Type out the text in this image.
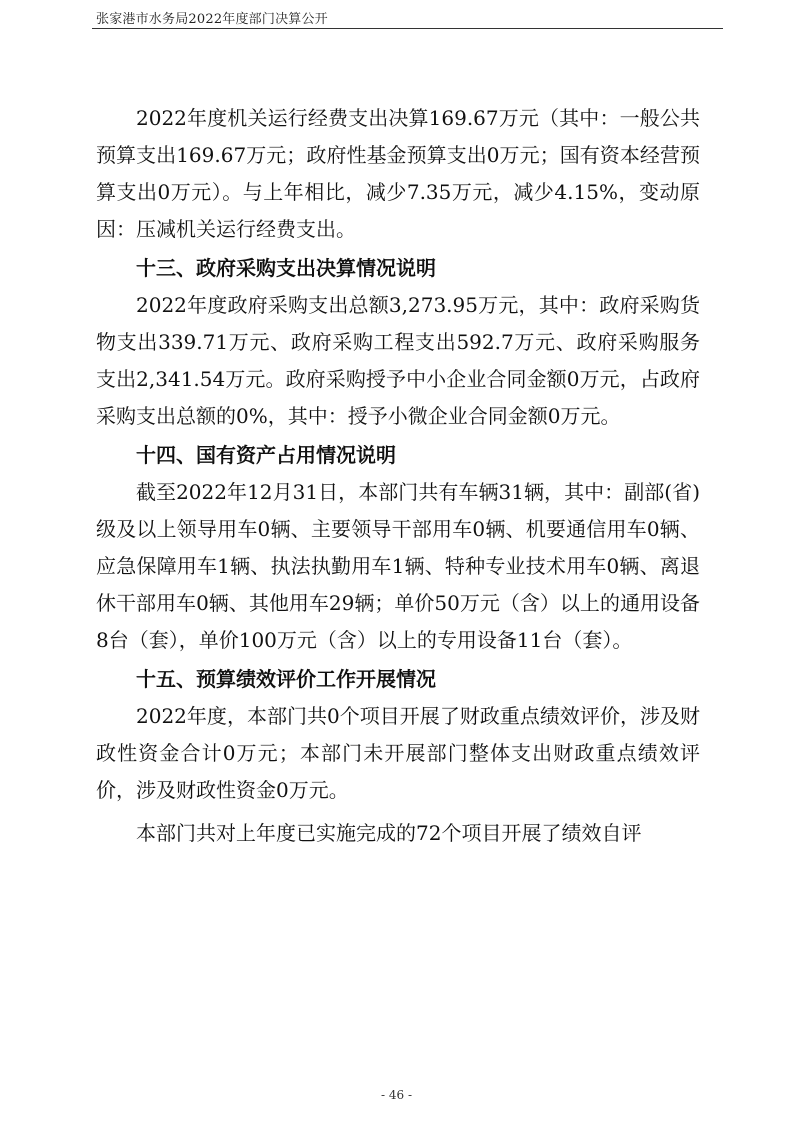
张家港市水务局2022年度部门决算公开

2022年度机关运行经费支出决算169.67万元（其中：一般公共预算支出169.67万元；政府性基金预算支出0万元；国有资本经营预算支出0万元）。与上年相比，减少7.35万元，减少4.15%，变动原因：压减机关运行经费支出。

十三、政府采购支出决算情况说明

2022年度政府采购支出总额3,273.95万元，其中：政府采购货物支出339.71万元、政府采购工程支出592.7万元、政府采购服务支出2,341.54万元。政府采购授予中小企业合同金额0万元，占政府采购支出总额的0%，其中：授予小微企业合同金额0万元。

十四、国有资产占用情况说明

截至2022年12月31日，本部门共有车辆31辆，其中：副部(省)级及以上领导用车0辆、主要领导干部用车0辆、机要通信用车0辆、应急保障用车1辆、执法执勤用车1辆、特种专业技术用车0辆、离退休干部用车0辆、其他用车29辆；单价50万元（含）以上的通用设备8台（套），单价100万元（含）以上的专用设备11台（套）。

十五、预算绩效评价工作开展情况

2022年度，本部门共0个项目开展了财政重点绩效评价，涉及财政性资金合计0万元；本部门未开展部门整体支出财政重点绩效评价，涉及财政性资金0万元。

本部门共对上年度已实施完成的72个项目开展了绩效自评

- 46 -
